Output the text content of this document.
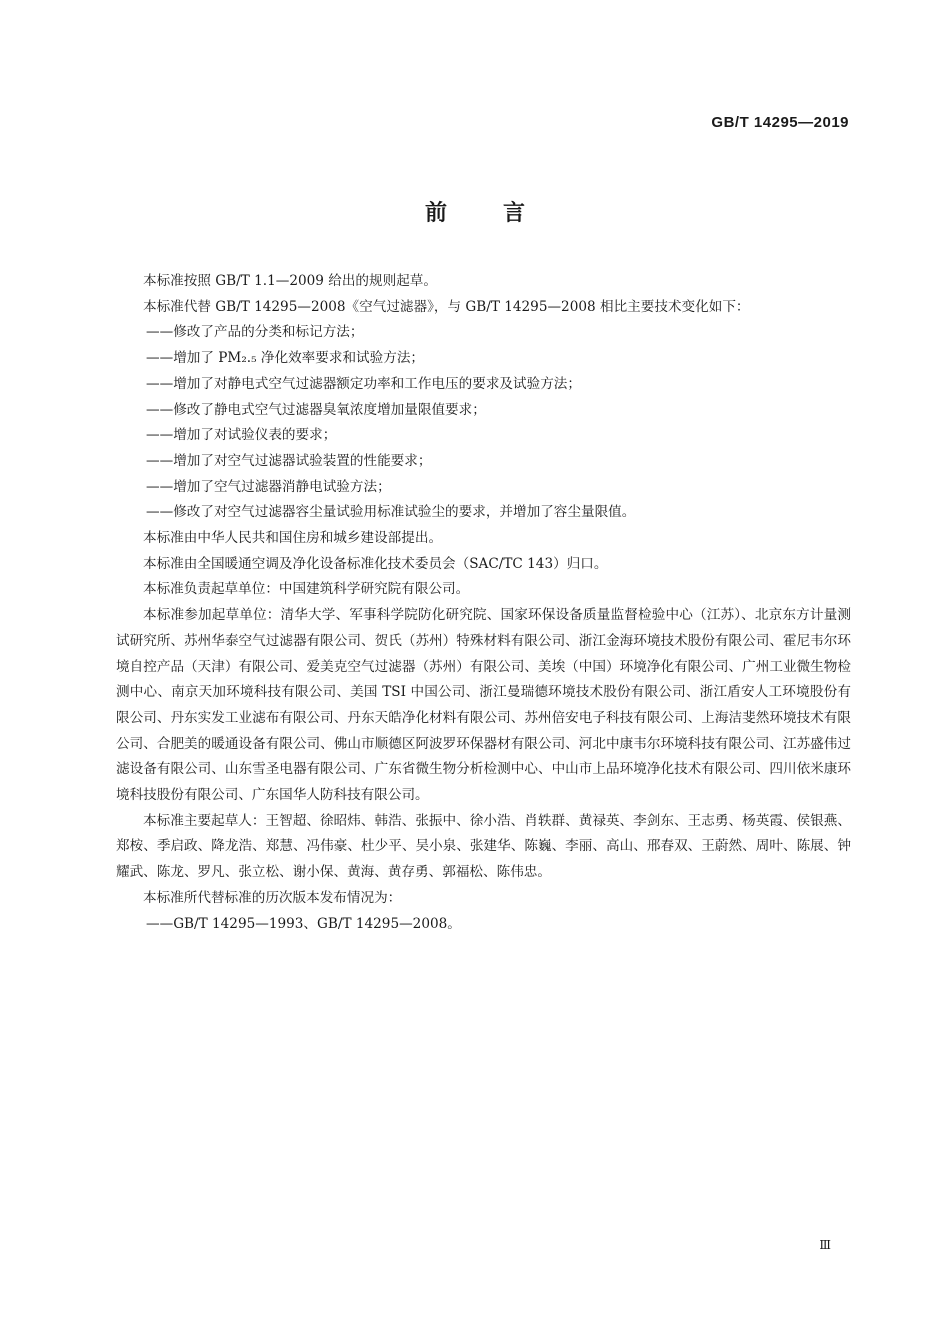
GB/T 14295—2019
前言

本标准按照 GB/T 1.1—2009 给出的规则起草。

本标准代替 GB/T 14295—2008《空气过滤器》，与 GB/T 14295—2008 相比主要技术变化如下：

——修改了产品的分类和标记方法；

——增加了 PM₂.₅ 净化效率要求和试验方法；

——增加了对静电式空气过滤器额定功率和工作电压的要求及试验方法；

——修改了静电式空气过滤器臭氧浓度增加量限值要求；

——增加了对试验仪表的要求；

——增加了对空气过滤器试验装置的性能要求；

——增加了空气过滤器消静电试验方法；

——修改了对空气过滤器容尘量试验用标准试验尘的要求，并增加了容尘量限值。

本标准由中华人民共和国住房和城乡建设部提出。

本标准由全国暖通空调及净化设备标准化技术委员会（SAC/TC 143）归口。

本标准负责起草单位：中国建筑科学研究院有限公司。

本标准参加起草单位：清华大学、军事科学院防化研究院、国家环保设备质量监督检验中心（江苏）、北京东方计量测试研究所、苏州华泰空气过滤器有限公司、贺氏（苏州）特殊材料有限公司、浙江金海环境技术股份有限公司、霍尼韦尔环境自控产品（天津）有限公司、爱美克空气过滤器（苏州）有限公司、美埃（中国）环境净化有限公司、广州工业微生物检测中心、南京天加环境科技有限公司、美国 TSI 中国公司、浙江曼瑞德环境技术股份有限公司、浙江盾安人工环境股份有限公司、丹东实发工业滤布有限公司、丹东天皓净化材料有限公司、苏州倍安电子科技有限公司、上海洁斐然环境技术有限公司、合肥美的暖通设备有限公司、佛山市顺德区阿波罗环保器材有限公司、河北中康韦尔环境科技有限公司、江苏盛伟过滤设备有限公司、山东雪圣电器有限公司、广东省微生物分析检测中心、中山市上品环境净化技术有限公司、四川依米康环境科技股份有限公司、广东国华人防科技有限公司。

本标准主要起草人：王智超、徐昭炜、韩浩、张振中、徐小浩、肖轶群、黄禄英、李剑东、王志勇、杨英霞、侯银燕、郑桉、季启政、降龙浩、郑慧、冯伟豪、杜少平、吴小泉、张建华、陈巍、李丽、高山、邢春双、王蔚然、周叶、陈展、钟耀武、陈龙、罗凡、张立松、谢小保、黄海、黄存勇、郭福松、陈伟忠。

本标准所代替标准的历次版本发布情况为：

——GB/T 14295—1993、GB/T 14295—2008。

Ⅲ
